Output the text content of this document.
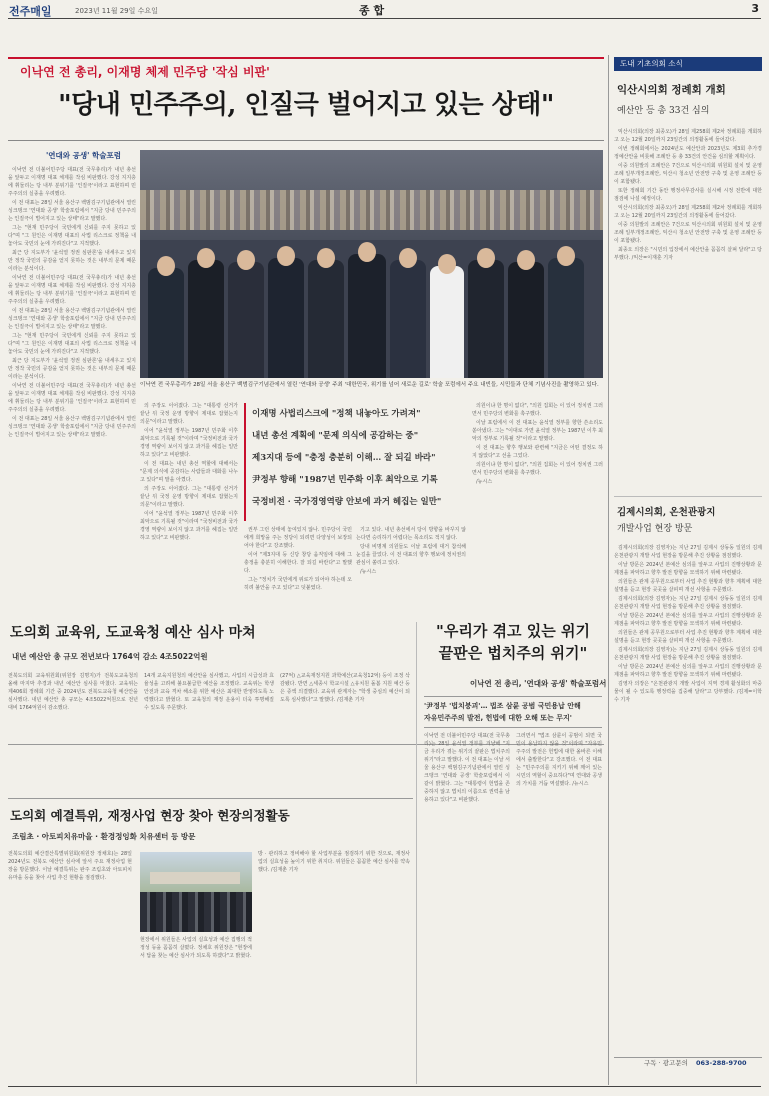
전주매일	2023년 11월 29일 수요일	종 합	3
이낙연 전 총리, 이재명 체제 민주당 '작심 비판'
"당내 민주주의, 인질극 벌어지고 있는 상태"
'연대와 공생' 학술포럼

이낙연 전 더불어민주당 대표(전 국무총리)가 내년 총선을 앞두고 이재명 대표 체제를 작심 비판했다. 강성 지지층에 휘둘리는 당 내부 분위기를 '인질극'이라고 표현하며 민주주의의 실종을 우려했다.

이 전 대표는 28일 서울 용산구 백범김구기념관에서 열린 싱크탱크 '연대와 공생' 학술포럼에서 "지금 당내 민주주의는 인질극이 벌어지고 있는 상태"라고 말했다.

그는 "현재 민주당이 국민에게 신뢰를 주지 못하고 있다"며 "그 원인은 이재명 대표의 사법 리스크로 정책을 내놓아도 국민의 눈에 가려진다"고 지적했다.

최근 당 지도부가 '윤석열 정권 심판론'을 내세우고 있지만 정작 국민의 공감을 얻지 못하는 것은 내부의 문제 때문이라는 분석이다.

이낙연 전 더불어민주당 대표(전 국무총리)가 내년 총선을 앞두고 이재명 대표 체제를 작심 비판했다. 강성 지지층에 휘둘리는 당 내부 분위기를 '인질극'이라고 표현하며 민주주의의 실종을 우려했다.

이 전 대표는 28일 서울 용산구 백범김구기념관에서 열린 싱크탱크 '연대와 공생' 학술포럼에서 "지금 당내 민주주의는 인질극이 벌어지고 있는 상태"라고 말했다.

그는 "현재 민주당이 국민에게 신뢰를 주지 못하고 있다"며 "그 원인은 이재명 대표의 사법 리스크로 정책을 내놓아도 국민의 눈에 가려진다"고 지적했다.

최근 당 지도부가 '윤석열 정권 심판론'을 내세우고 있지만 정작 국민의 공감을 얻지 못하는 것은 내부의 문제 때문이라는 분석이다.

이낙연 전 더불어민주당 대표(전 국무총리)가 내년 총선을 앞두고 이재명 대표 체제를 작심 비판했다. 강성 지지층에 휘둘리는 당 내부 분위기를 '인질극'이라고 표현하며 민주주의의 실종을 우려했다.

이 전 대표는 28일 서울 용산구 백범김구기념관에서 열린 싱크탱크 '연대와 공생' 학술포럼에서 "지금 당내 민주주의는 인질극이 벌어지고 있는 상태"라고 말했다.

이낙연 전 국무총리가 28일 서울 용산구 백범김구기념관에서 열린 '연대와 공생' 주최 '대한민국, 위기를 넘어 새로운 길로' 학술 포럼에서 주요 내빈들, 시민들과 단체 기념사진을 촬영하고 있다.
이재명 사법리스크에 "정책 내놓아도 가려져"
내년 총선 계획에 "문제 의식에 공감하는 중"
제3지대 등에 "충정 충분히 이해… 잘 되길 바라"
尹정부 향해 "1987년 민주화 이후 최악으로 기록
국정비전 · 국가경영역량 안보에 과거 헤집는 일만"

의 주장도 이어졌다. 그는 "대통령 선거가 끝난 뒤 국정 운영 방향이 제대로 잡혔는지 의문"이라고 말했다.

이어 "윤석열 정부는 1987년 민주화 이후 최악으로 기록될 것"이라며 "국정비전과 국가경영 역량이 보이지 않고 과거를 헤집는 일만 하고 있다"고 비판했다.

이 전 대표는 내년 총선 역할에 대해서는 "문제 의식에 공감하는 사람들과 대화를 나누고 있다"며 말을 아꼈다.

의 주장도 이어졌다. 그는 "대통령 선거가 끝난 뒤 국정 운영 방향이 제대로 잡혔는지 의문"이라고 말했다.

이어 "윤석열 정부는 1987년 민주화 이후 최악으로 기록될 것"이라며 "국정비전과 국가경영 역량이 보이지 않고 과거를 헤집는 일만 하고 있다"고 비판했다.

권부 그런 상태에 놓여있지 않나. 민주당이 국민에게 희망을 주는 정당이 되려면 다양성이 보장되어야 한다"고 강조했다.

이어 "제3지대 등 신당 창당 움직임에 대해 그 충정을 충분히 이해한다. 잘 되길 바란다"고 말했다.

그는 "정치가 국민에게 위로가 되어야 하는데 오히려 불안을 주고 있다"고 덧붙였다.

기고 있다. 내년 총선에서 당이 방향을 바꾸지 않는다면 승리하기 어렵다는 목소리도 적지 않다.

당내 비명계 의원들도 이날 포럼에 대거 참석해 눈길을 끌었다. 이 전 대표의 향후 행보에 정치권의 관심이 쏠리고 있다.

/뉴시스

의원이냐 한 명이 없다", "의원 집회는 이 있어 정치권 그러면서 민주당의 변화를 촉구했다.

이날 포럼에서 이 전 대표는 윤석열 정부를 향한 쓴소리도 쏟아냈다. 그는 "이대로 가면 윤석열 정부는 1987년 이후 최악의 정부로 기록될 것"이라고 말했다.

이 전 대표는 향후 행보와 관련해 "지금은 어떤 결정도 하지 않았다"고 선을 그었다.

의원이냐 한 명이 없다", "의원 집회는 이 있어 정치권 그러면서 민주당의 변화를 촉구했다.

/뉴시스

도내 기초의회 소식
익산시의회 정례회 개회
예산안 등 총 33건 심의

익산시의회(의장 최종오)가 28일 제258회 제2차 정례회를 개회하고 오는 12월 20일까지 23일간의 의정활동에 들어갔다.

이번 정례회에서는 2024년도 예산안과 2023년도 제3회 추가경정예산안을 비롯해 조례안 등 총 33건의 안건을 심의할 계획이다.

이중 의원발의 조례안은 7건으로 익산시의회 위원회 설치 및 운영 조례 일부개정조례안, 익산시 청소년 안전망 구축 및 운영 조례안 등이 포함됐다.

또한 정례회 기간 동안 행정사무감사를 실시해 시정 전반에 대한 점검에 나설 예정이다.

익산시의회(의장 최종오)가 28일 제258회 제2차 정례회를 개회하고 오는 12월 20일까지 23일간의 의정활동에 들어갔다.

이중 의원발의 조례안은 7건으로 익산시의회 위원회 설치 및 운영 조례 일부개정조례안, 익산시 청소년 안전망 구축 및 운영 조례안 등이 포함됐다.

최종오 의장은 "시민의 입장에서 예산안을 꼼꼼히 살펴 달라"고 당부했다. /익산=이재훈 기자

김제시의회, 온천관광지
개발사업 현장 방문

김제시의회(의장 김영자)는 지난 27일 김제시 상동동 일원의 김제 온천관광지 개발 사업 현장을 방문해 추진 상황을 점검했다.

이날 방문은 2024년 본예산 심의를 앞두고 사업의 진행상황과 문제점을 파악하고 향후 발전 방향을 모색하기 위해 마련됐다.

의원들은 관계 공무원으로부터 사업 추진 현황과 향후 계획에 대한 설명을 듣고 현장 곳곳을 살피며 개선 사항을 주문했다.

김제시의회(의장 김영자)는 지난 27일 김제시 상동동 일원의 김제 온천관광지 개발 사업 현장을 방문해 추진 상황을 점검했다.

이날 방문은 2024년 본예산 심의를 앞두고 사업의 진행상황과 문제점을 파악하고 향후 발전 방향을 모색하기 위해 마련됐다.

의원들은 관계 공무원으로부터 사업 추진 현황과 향후 계획에 대한 설명을 듣고 현장 곳곳을 살피며 개선 사항을 주문했다.

김제시의회(의장 김영자)는 지난 27일 김제시 상동동 일원의 김제 온천관광지 개발 사업 현장을 방문해 추진 상황을 점검했다.

이날 방문은 2024년 본예산 심의를 앞두고 사업의 진행상황과 문제점을 파악하고 향후 발전 방향을 모색하기 위해 마련됐다.

김영자 의장은 "온천관광지 개발 사업이 지역 경제 활성화의 마중물이 될 수 있도록 행정력을 집중해 달라"고 당부했다. /김제=이학수 기자

구독 · 광고문의 063-288-9700
도의회 교육위, 도교육청 예산 심사 마쳐
내년 예산안 총 규모 전년보다 1764억 감소 4조5022억원
전북도의회 교육위원회(위원장 김명지)가 전북도교육청의 올해 마지막 추경과 내년 예산안 심사를 마쳤다. 교육위는 제406회 정례회 기간 중 2024년도 전북도교육청 예산안을 심사했다. 내년 예산안 총 규모는 4조5022억원으로 전년 대비 1764억원이 감소했다.
14개 교육지원청의 예산안을 심사했고, 사업의 시급성과 효율성을 고려해 불요불급한 예산을 조정했다. 교육위는 학생 안전과 교육 격차 해소를 위한 예산은 최대한 반영하도록 노력했다고 밝혔다. 또 교육청의 재정 운용이 더욱 투명해질 수 있도록 주문했다.
(27억) △교육재정지원 과학예산(교육청12억) 등이 조정 삭감됐다. 반면 △세종시 학교시설 △유치원 돌봄 지원 예산 등은 증액 의결했다. 교육위 관계자는 "학생 중심의 예산이 되도록 심사했다"고 말했다. /김재춘 기자
도의회 예결특위, 재정사업 현장 찾아 현장의정활동
조림초 · 아토피치유마을 · 환경정잉화 치유센터 등 방문
전북도의회 예산결산특별위원회(위원장 정채호)는 28일 2024년도 전북도 예산안 심사에 앞서 주요 재정사업 현장을 방문했다. 이날 예결특위는 완주 조림초와 아토피치유마을 등을 찾아 사업 추진 현황을 점검했다.
현장에서 위원들은 사업의 실효성과 예산 집행의 적정성 등을 꼼꼼히 살폈다. 정채호 위원장은 "현장에서 답을 찾는 예산 심사가 되도록 하겠다"고 밝혔다.
방 · 관리하고 정비해야 할 사업부분을 점검하기 위한 것으로, 재정사업의 실효성을 높이기 위한 취지다. 위원들은 꼼꼼한 예산 심사를 약속했다. /김재춘 기자
"우리가 겪고 있는 위기
끝판은 법치주의 위기"
이낙연 전 총리, '연대와 공생' 학술포럼서
'尹정부 '법치붕괴'… 법조 삼륜 공범 국민용납 안해
자유민주주의 발전, 헌법에 대한 오해 또는 무지'
이낙연 전 더불어민주당 대표(전 국무총리)는 28일 윤석열 정부를 겨냥해 "지금 우리가 겪는 위기의 끝판은 법치주의 위기"라고 말했다. 이 전 대표는 이날 서울 용산구 백범김구기념관에서 열린 싱크탱크 '연대와 공생' 학술포럼에서 이같이 밝혔다. 그는 "대통령이 헌법을 존중하지 않고 법치의 이름으로 권력을 남용하고 있다"고 비판했다.
그러면서 "법조 삼륜이 공범이 되면 국민이 용납하지 않을 것"이라며 "자유민주주의 발전은 헌법에 대한 올바른 이해에서 출발한다"고 강조했다. 이 전 대표는 "민주주의를 지키기 위해 깨어 있는 시민의 역할이 중요하다"며 연대와 공생의 가치를 거듭 역설했다. /뉴시스
